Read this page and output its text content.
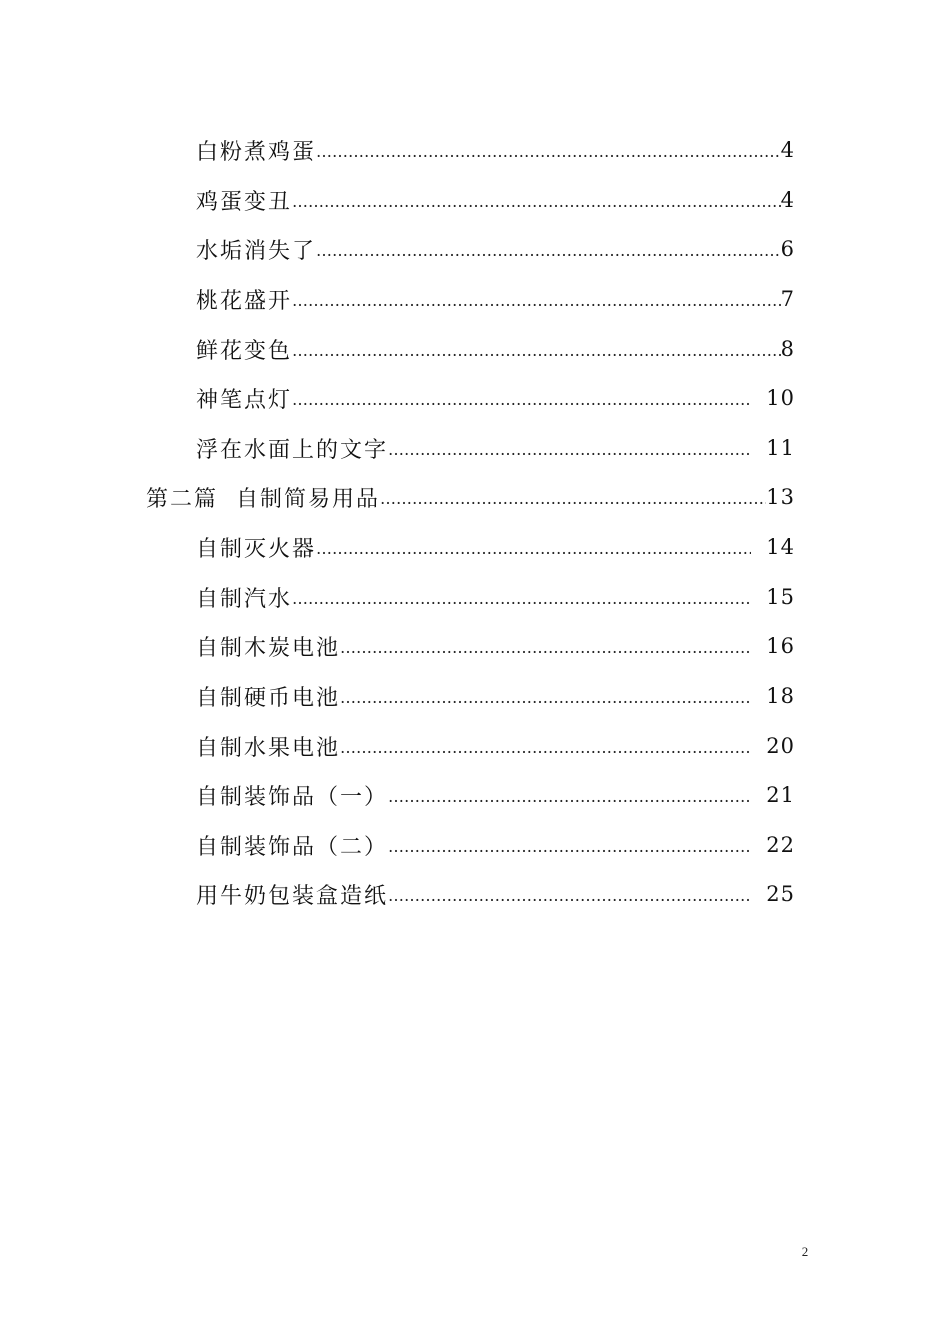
白粉煮鸡蛋 …………………………………………………………………………………………………………………………………………………………………………	4
鸡蛋变丑 …………………………………………………………………………………………………………………………………………………………………………	4
水垢消失了 …………………………………………………………………………………………………………………………………………………………………………	6
桃花盛开 …………………………………………………………………………………………………………………………………………………………………………	7
鲜花变色 …………………………………………………………………………………………………………………………………………………………………………	8
神笔点灯 …………………………………………………………………………………………………………………………………………………………………………	10
浮在水面上的文字 …………………………………………………………………………………………………………………………………………………………………………	11
第二篇  自制简易用品 …………………………………………………………………………………………………………………………………………………………………………	13
自制灭火器 …………………………………………………………………………………………………………………………………………………………………………	14
自制汽水 …………………………………………………………………………………………………………………………………………………………………………	15
自制木炭电池 …………………………………………………………………………………………………………………………………………………………………………	16
自制硬币电池 …………………………………………………………………………………………………………………………………………………………………………	18
自制水果电池 …………………………………………………………………………………………………………………………………………………………………………	20
自制装饰品（一） …………………………………………………………………………………………………………………………………………………………………………	21
自制装饰品（二） …………………………………………………………………………………………………………………………………………………………………………	22
用牛奶包装盒造纸 …………………………………………………………………………………………………………………………………………………………………………	25
2
